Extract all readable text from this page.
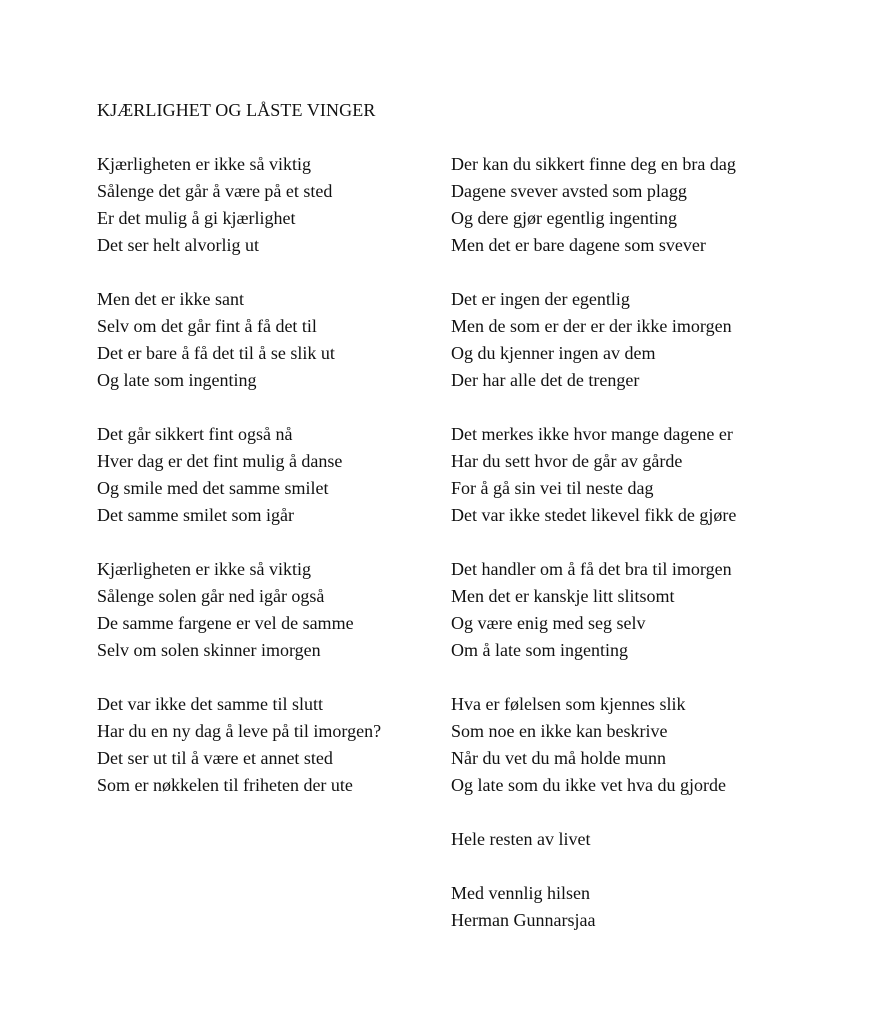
KJÆRLIGHET OG LÅSTE VINGER
Kjærligheten er ikke så viktig
Sålenge det går å være på et sted
Er det mulig å gi kjærlighet
Det ser helt alvorlig ut
Men det er ikke sant
Selv om det går fint å få det til
Det er bare å få det til å se slik ut
Og late som ingenting
Det går sikkert fint også nå
Hver dag er det fint mulig å danse
Og smile med det samme smilet
Det samme smilet som igår
Kjærligheten er ikke så viktig
Sålenge solen går ned igår også
De samme fargene er vel de samme
Selv om solen skinner imorgen
Det var ikke det samme til slutt
Har du en ny dag å leve på til imorgen?
Det ser ut til å være et annet sted
Som er nøkkelen til friheten der ute
Der kan du sikkert finne deg en bra dag
Dagene svever avsted som plagg
Og dere gjør egentlig ingenting
Men det er bare dagene som svever
Det er ingen der egentlig
Men de som er der er der ikke imorgen
Og du kjenner ingen av dem
Der har alle det de trenger
Det merkes ikke hvor mange dagene er
Har du sett hvor de går av gårde
For å gå sin vei til neste dag
Det var ikke stedet likevel fikk de gjøre
Det handler om å få det bra til imorgen
Men det er kanskje litt slitsomt
Og være enig med seg selv
Om å late som ingenting
Hva er følelsen som kjennes slik
Som noe en ikke kan beskrive
Når du vet du må holde munn
Og late som du ikke vet hva du gjorde
Hele resten av livet
Med vennlig hilsen
Herman Gunnarsjaa
